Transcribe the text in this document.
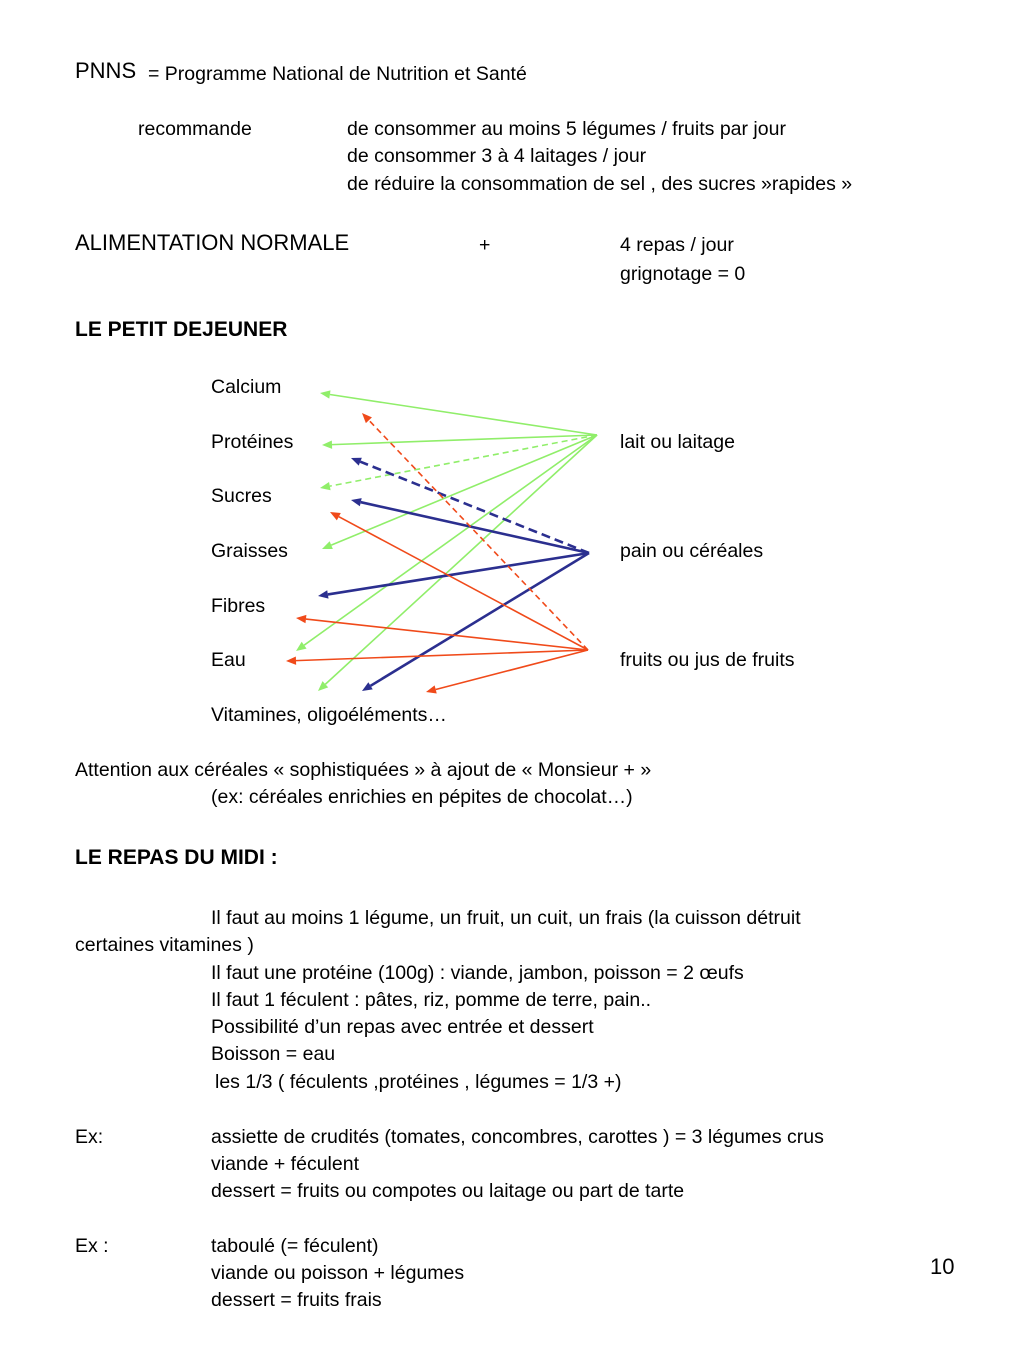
PNNS = Programme National de Nutrition et Santé
recommande	de consommer au moins 5 légumes / fruits par jour
de consommer 3 à 4 laitages / jour
de réduire la consommation de sel , des sucres »rapides »
ALIMENTATION NORMALE	+	4 repas / jour
grignotage = 0
LE PETIT DEJEUNER
Calcium
Protéines
Sucres
Graisses
Fibres
Eau
Vitamines, oligoéléments…
lait ou laitage
pain ou céréales
fruits ou jus de fruits
Attention aux céréales « sophistiquées » à ajout de « Monsieur + »
(ex: céréales enrichies en pépites de chocolat…)
LE REPAS DU MIDI :
Il faut au moins 1 légume, un fruit, un cuit, un frais (la cuisson détruit
certaines vitamines )
Il faut une protéine (100g) : viande, jambon, poisson = 2 œufs
Il faut 1 féculent : pâtes, riz, pomme de terre, pain..
Possibilité d’un repas avec entrée et dessert
Boisson = eau
les 1/3 ( féculents ,protéines , légumes = 1/3 +)
Ex:	assiette de crudités (tomates, concombres, carottes ) = 3 légumes crus
viande + féculent
dessert = fruits ou compotes ou laitage ou part de tarte
Ex :	taboulé (= féculent)
viande ou poisson + légumes
dessert = fruits frais
10
